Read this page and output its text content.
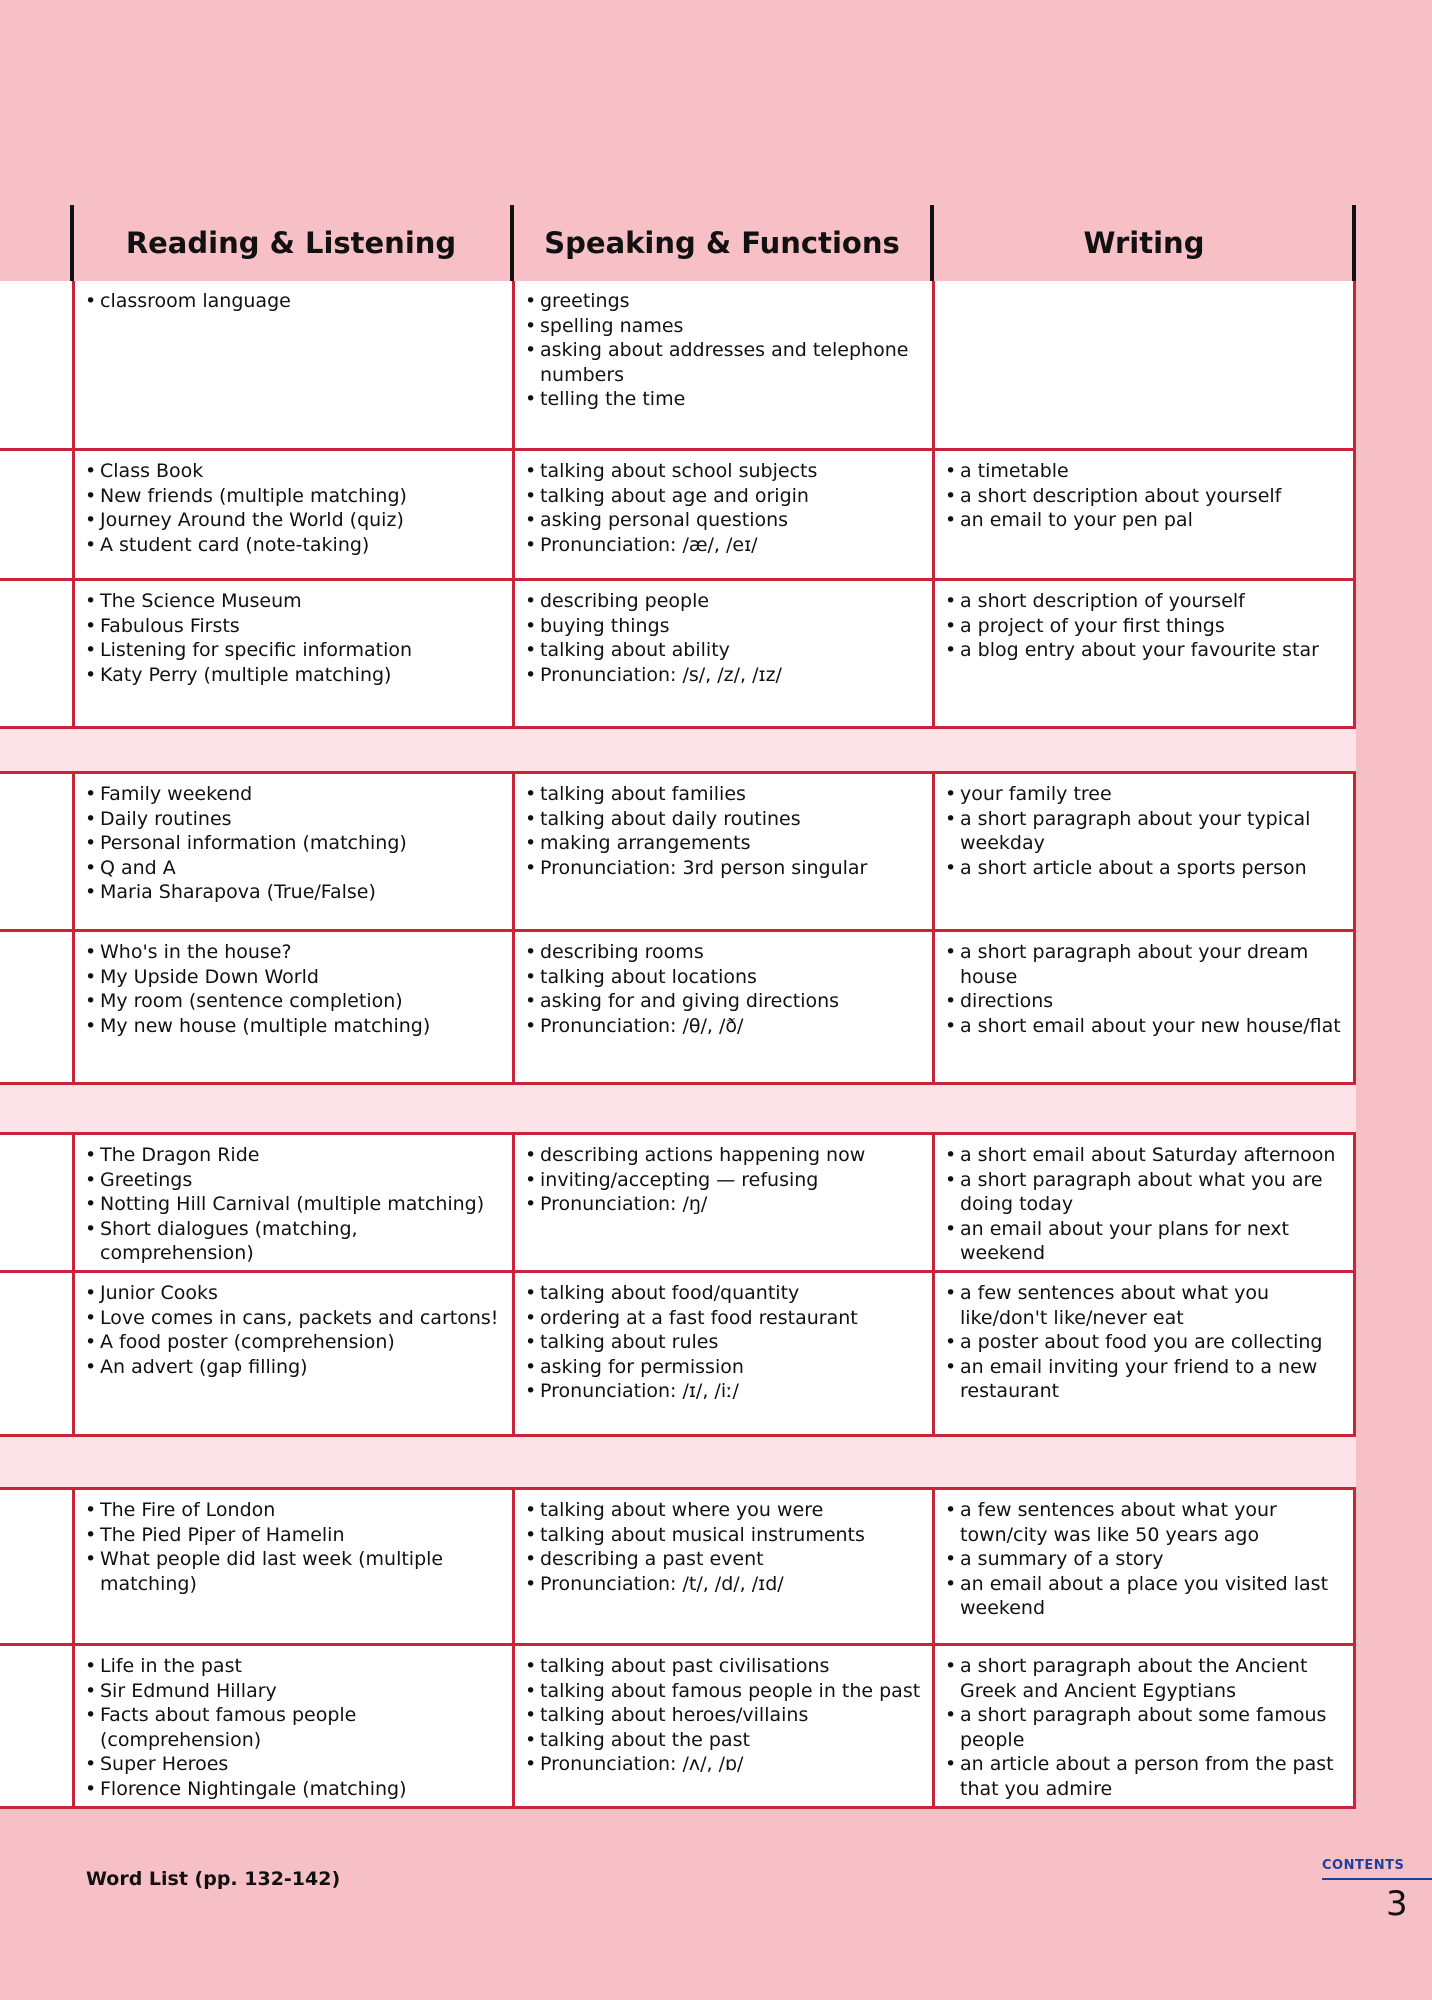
Reading & Listening	Speaking & Functions	Writing
• classroom language
•	greetings
• spelling names
• asking about addresses and telephone numbers
• telling the time
• Class Book
• New friends (multiple matching)
• Journey Around the World (quiz)
• A student card (note-taking)
• talking about school subjects
• talking about age and origin
• asking personal questions
• Pronunciation: /æ/, /eɪ/
• a timetable
• a short description about yourself
• an email to your pen pal
• The Science Museum
• Fabulous Firsts
• Listening for specific information
• Katy Perry (multiple matching)
• describing people
• buying things
• talking about ability
• Pronunciation: /s/, /z/, /ɪz/
• a short description of yourself
• a project of your first things
• a blog entry about your favourite star
• Family weekend
• Daily routines
• Personal information (matching)
• Q and A
• Maria Sharapova (True/False)
• talking about families
• talking about daily routines
• making arrangements
• Pronunciation: 3rd person singular
• your family tree
• a short paragraph about your typical weekday
• a short article about a sports person
• Who's in the house?
• My Upside Down World
• My room (sentence completion)
• My new house (multiple matching)
• describing rooms
• talking about locations
• asking for and giving directions
• Pronunciation: /θ/, /ð/
• a short paragraph about your dream house
• directions
• a short email about your new house/flat
• The Dragon Ride
• Greetings
• Notting Hill Carnival (multiple matching)
• Short dialogues (matching, comprehension)
• describing actions happening now
• inviting/accepting — refusing
• Pronunciation: /ŋ/
• a short email about Saturday afternoon
• a short paragraph about what you are doing today
• an email about your plans for next weekend
• Junior Cooks
• Love comes in cans, packets and cartons!
• A food poster (comprehension)
• An advert (gap filling)
• talking about food/quantity
• ordering at a fast food restaurant
• talking about rules
• asking for permission
• Pronunciation: /ɪ/, /iː/
• a few sentences about what you like/don't like/never eat
• a poster about food you are collecting
• an email inviting your friend to a new restaurant
• The Fire of London
• The Pied Piper of Hamelin
• What people did last week (multiple matching)
• talking about where you were
• talking about musical instruments
• describing a past event
• Pronunciation: /t/, /d/, /ɪd/
• a few sentences about what your town/city was like 50 years ago
• a summary of a story
• an email about a place you visited last weekend
• Life in the past
• Sir Edmund Hillary
• Facts about famous people (comprehension)
• Super Heroes
• Florence Nightingale (matching)
• talking about past civilisations
• talking about famous people in the past
• talking about heroes/villains
• talking about the past
• Pronunciation: /ʌ/, /ɒ/
• a short paragraph about the Ancient Greek and Ancient Egyptians
• a short paragraph about some famous people
• an article about a person from the past that you admire
Word List (pp. 132-142)
CONTENTS
3
